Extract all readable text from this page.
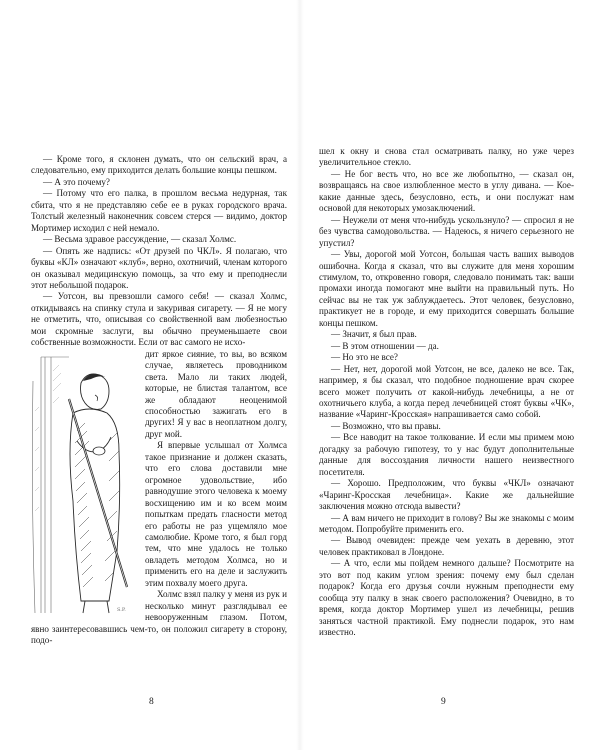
— Кроме того, я склонен думать, что он сельский врач, а следовательно, ему приходится делать большие концы пешком.

— А это почему?

— Потому что его палка, в прошлом весьма недурная, так сбита, что я не представляю себе ее в руках городского врача. Толстый железный наконечник совсем стерся — видимо, доктор Мортимер исходил с ней немало.

— Весьма здравое рассуждение, — сказал Холмс.

— Опять же надпись: «От друзей по ЧКЛ». Я полагаю, что буквы «КЛ» означают «клуб», верно, охотничий, членам которого он оказывал медицинскую помощь, за что ему и преподнесли этот небольшой подарок.

— Уотсон, вы превзошли самого себя! — сказал Холмс, откидываясь на спинку стула и закуривая сигарету. — Я не могу не отметить, что, описывая со свойственной вам любезностью мои скромные заслуги, вы обычно преуменьшаете свои собственные возможности. Если от вас самого не исхо-

S.P.

дит яркое сияние, то вы, во всяком случае, являетесь проводником света. Мало ли таких людей, которые, не блистая талантом, все же обладают неоценимой способностью зажигать его в других! Я у вас в неоплатном долгу, друг мой.

Я впервые услышал от Холмса такое признание и должен сказать, что его слова доставили мне огромное удовольствие, ибо равнодушие этого человека к моему восхищению им и ко всем моим попыткам предать гласности метод его работы не раз ущемляло мое самолюбие. Кроме того, я был горд тем, что мне удалось не только овладеть методом Холмса, но и применить его на деле и заслужить этим похвалу моего друга.

Холмс взял палку у меня из рук и несколько минут разглядывал ее невооруженным глазом. Потом, явно заинтересовавшись чем-то, он положил сигарету в сторону, подо-

8

шел к окну и снова стал осматривать палку, но уже через увеличительное стекло.

— Не бог весть что, но все же любопытно, — сказал он, возвращаясь на свое излюбленное место в углу дивана. — Кое-какие данные здесь, безусловно, есть, и они послужат нам основой для некоторых умозаключений.

— Неужели от меня что-нибудь ускользнуло? — спросил я не без чувства самодовольства. — Надеюсь, я ничего серьезного не упустил?

— Увы, дорогой мой Уотсон, большая часть ваших выводов ошибочна. Когда я сказал, что вы служите для меня хорошим стимулом, то, откровенно говоря, следовало понимать так: ваши промахи иногда помогают мне выйти на правильный путь. Но сейчас вы не так уж заблуждаетесь. Этот человек, безусловно, практикует не в городе, и ему приходится совершать большие концы пешком.

— Значит, я был прав.

— В этом отношении — да.

— Но это не все?

— Нет, нет, дорогой мой Уотсон, не все, далеко не все. Так, например, я бы сказал, что подобное подношение врач скорее всего может получить от какой-нибудь лечебницы, а не от охотничьего клуба, а когда перед лечебницей стоят буквы «ЧК», название «Чаринг-Кросская» напрашивается само собой.

— Возможно, что вы правы.

— Все наводит на такое толкование. И если мы примем мою догадку за рабочую гипотезу, то у нас будут дополнительные данные для воссоздания личности нашего неизвестного посетителя.

— Хорошо. Предположим, что буквы «ЧКЛ» означают «Чаринг-Кросская лечебница». Какие же дальнейшие заключения можно отсюда вывести?

— А вам ничего не приходит в голову? Вы же знакомы с моим методом. Попробуйте применить его.

— Вывод очевиден: прежде чем уехать в деревню, этот человек практиковал в Лондоне.

— А что, если мы пойдем немного дальше? Посмотрите на это вот под каким углом зрения: почему ему был сделан подарок? Когда его друзья сочли нужным преподнести ему сообща эту палку в знак своего расположения? Очевидно, в то время, когда доктор Мортимер ушел из лечебницы, решив заняться частной практикой. Ему поднесли подарок, это нам известно.

9
